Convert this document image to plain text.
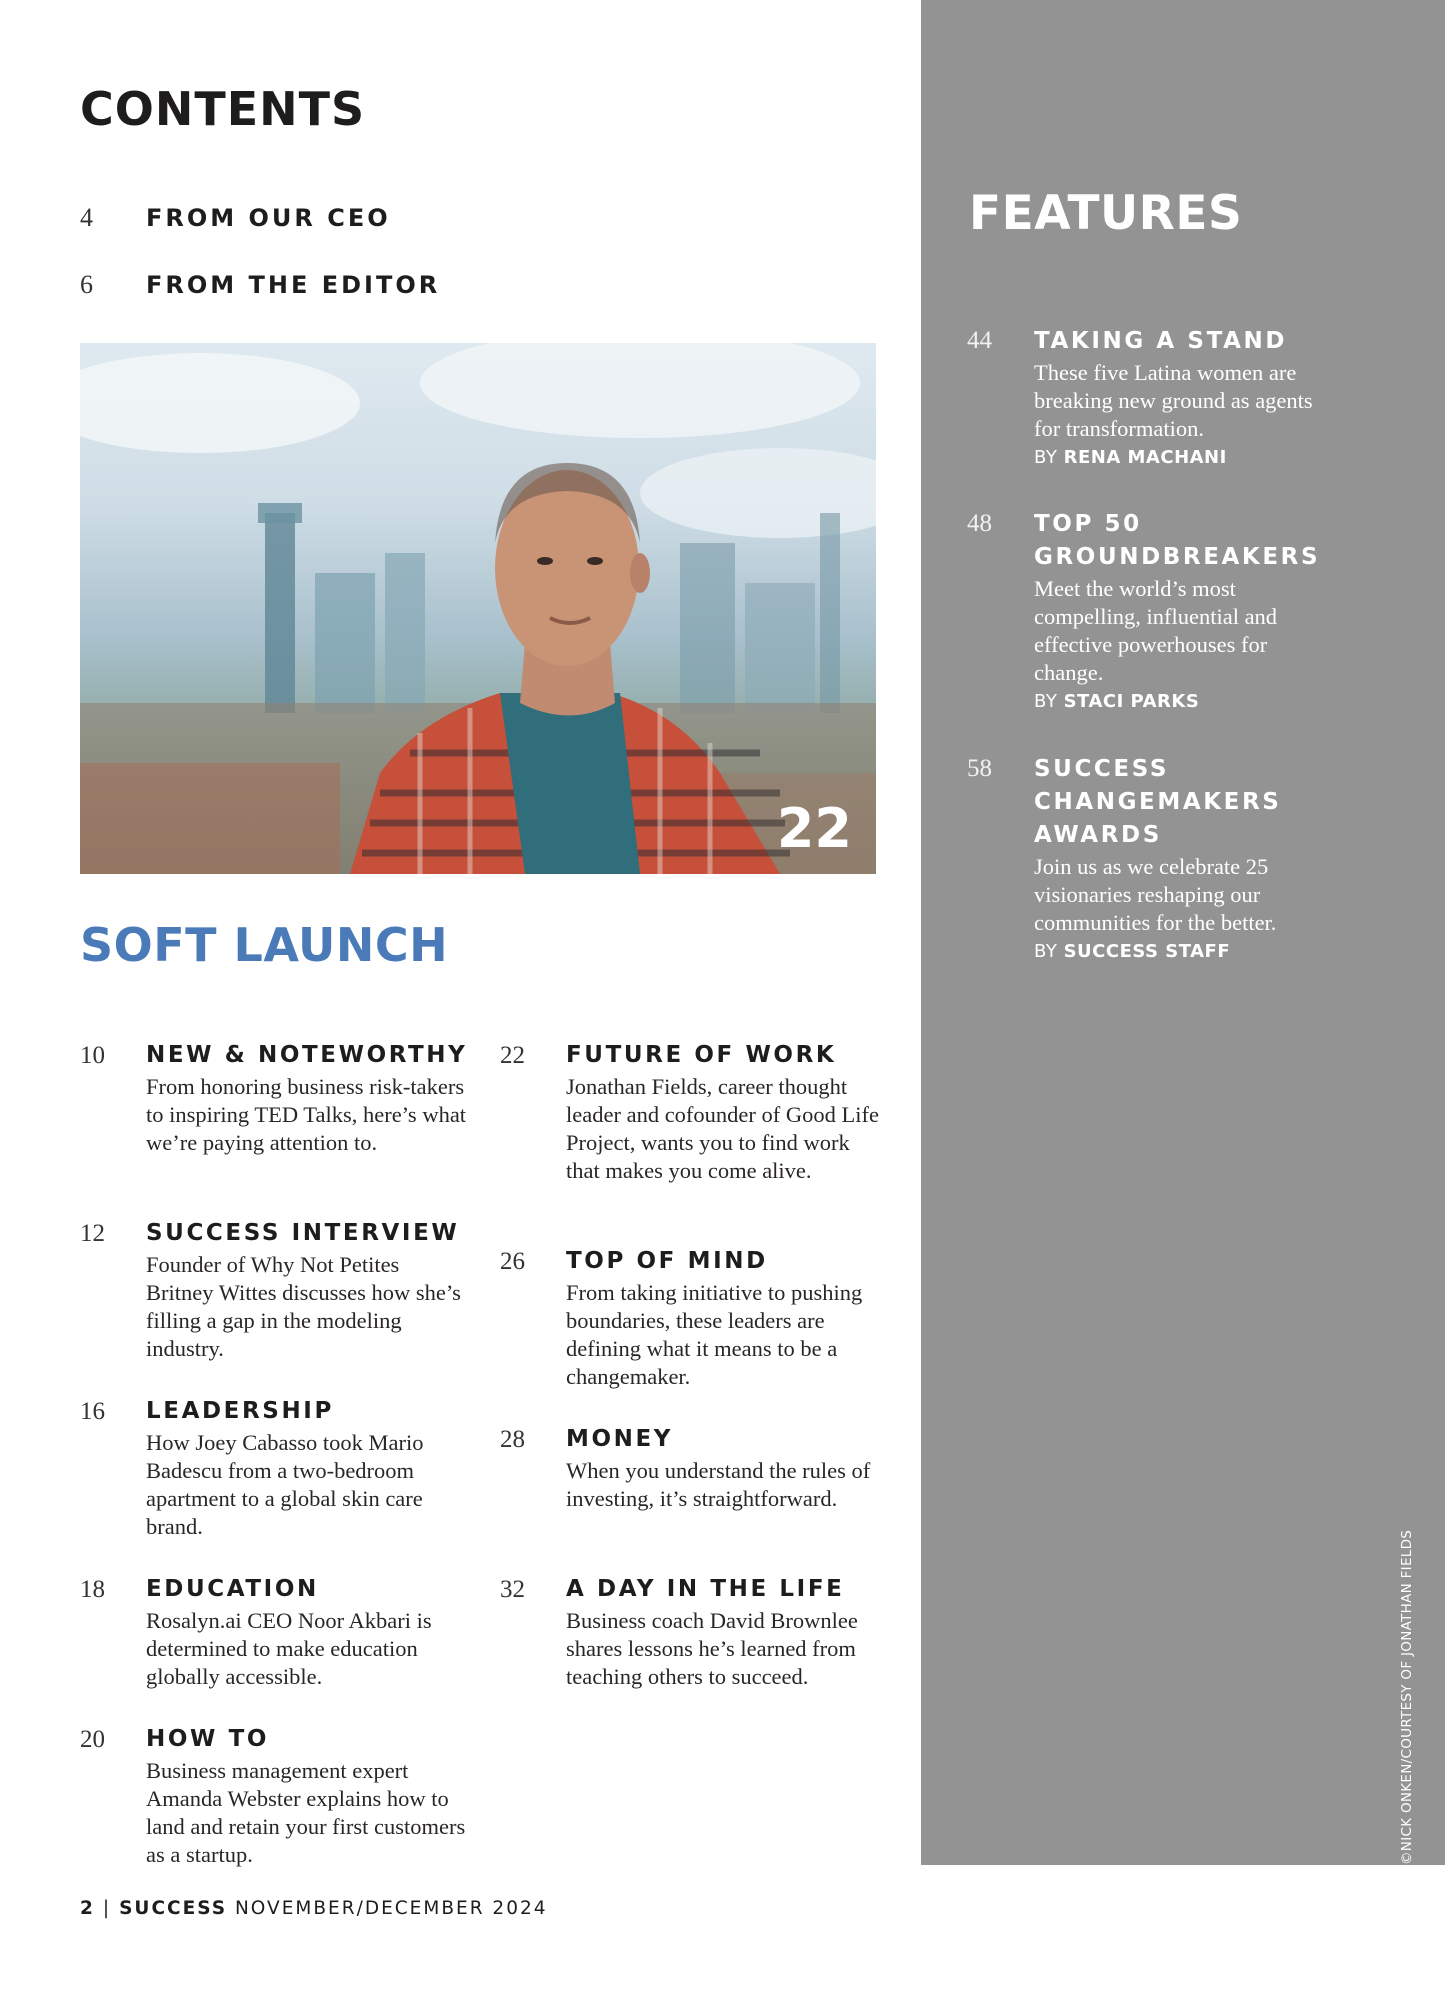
CONTENTS
4	FROM OUR CEO
6	FROM THE EDITOR
22
SOFT LAUNCH
10 NEW & NOTEWORTHY
From honoring business risk-takers to inspiring TED Talks, here’s what we’re paying attention to.
12 SUCCESS INTERVIEW
Founder of Why Not Petites Britney Wittes discusses how she’s filling a gap in the modeling industry.
16 LEADERSHIP
How Joey Cabasso took Mario Badescu from a two-bedroom apartment to a global skin care brand.
18 EDUCATION
Rosalyn.ai CEO Noor Akbari is determined to make education globally accessible.
20 HOW TO
Business management expert Amanda Webster explains how to land and retain your first customers as a startup.
22 FUTURE OF WORK
Jonathan Fields, career thought leader and cofounder of Good Life Project, wants you to find work that makes you come alive.
26 TOP OF MIND
From taking initiative to pushing boundaries, these leaders are defining what it means to be a changemaker.
28 MONEY
When you understand the rules of investing, it’s straightforward.
32 A DAY IN THE LIFE
Business coach David Brownlee shares lessons he’s learned from teaching others to succeed.
2 | SUCCESS NOVEMBER/DECEMBER 2024
FEATURES
44 TAKING A STAND
These five Latina women are breaking new ground as agents for transformation.
BY RENA MACHANI
48 TOP 50 GROUNDBREAKERS
Meet the world’s most compelling, influential and effective powerhouses for change.
BY STACI PARKS
58 SUCCESS CHANGEMAKERS AWARDS
Join us as we celebrate 25 visionaries reshaping our communities for the better.
BY SUCCESS STAFF
©NICK ONKEN/COURTESY OF JONATHAN FIELDS
